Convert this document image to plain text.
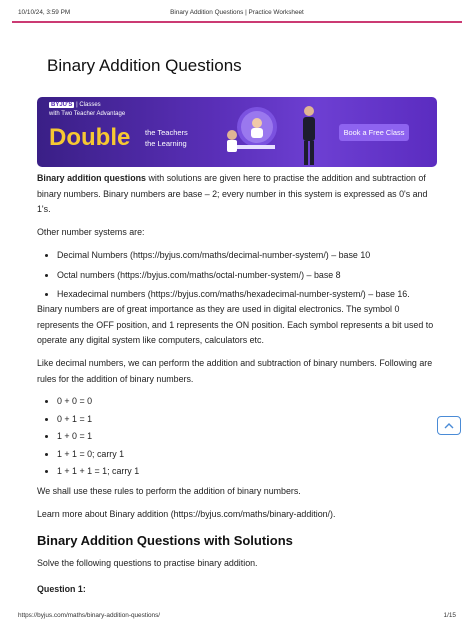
10/10/24, 3:59 PM	Binary Addition Questions | Practice Worksheet
Binary Addition Questions
BYJU'S | Classes
with Two Teacher Advantage
Double the Teachers
the Learning
Book a Free Class

Binary addition questions with solutions are given here to practise the addition and subtraction of binary numbers. Binary numbers are base – 2; every number in this system is expressed as 0's and 1's.

Other number systems are:

• Decimal Numbers (https://byjus.com/maths/decimal-number-system/) – base 10
• Octal numbers (https://byjus.com/maths/octal-number-system/) – base 8
• Hexadecimal numbers (https://byjus.com/maths/hexadecimal-number-system/) – base 16.

Binary numbers are of great importance as they are used in digital electronics. The symbol 0 represents the OFF position, and 1 represents the ON position. Each symbol represents a bit used to operate any digital system like computers, calculators etc.

Like decimal numbers, we can perform the addition and subtraction of binary numbers. Following are rules for the addition of binary numbers.

• 0 + 0 = 0
• 0 + 1 = 1
• 1 + 0 = 1
• 1 + 1 = 0; carry 1
• 1 + 1 + 1 = 1; carry 1

We shall use these rules to perform the addition of binary numbers.

Learn more about Binary addition (https://byjus.com/maths/binary-addition/).

Binary Addition Questions with Solutions

Solve the following questions to practise binary addition.

Question 1:

https://byjus.com/maths/binary-addition-questions/	1/15
